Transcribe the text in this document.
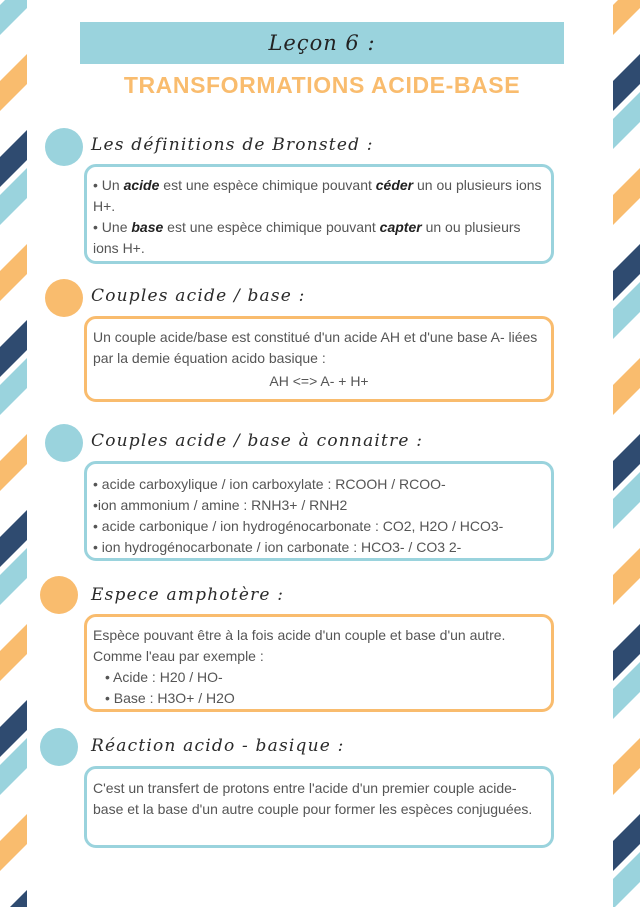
Leçon 6 :
TRANSFORMATIONS ACIDE-BASE
Les définitions de Bronsted :

• Un acide est une espèce chimique pouvant céder un ou plusieurs ions H+.

• Une base est une espèce chimique pouvant capter un ou plusieurs ions H+.

Couples acide / base :

Un couple acide/base est constitué d'un acide AH et d'une base A- liées par la demie équation acido basique :

AH <=> A- + H+

Couples acide / base à connaitre :

• acide carboxylique / ion carboxylate : RCOOH / RCOO-

•ion ammonium / amine : RNH3+ / RNH2

• acide carbonique / ion hydrogénocarbonate : CO2, H2O / HCO3-

• ion hydrogénocarbonate / ion carbonate : HCO3- / CO3 2-

Espece amphotère :

Espèce pouvant être à la fois acide d'un couple et base d'un autre.

Comme l'eau par exemple :

• Acide : H20 / HO-

• Base : H3O+ / H2O

Réaction acido - basique :

C'est un transfert de protons entre l'acide d'un premier couple acide-base et la base d'un autre couple pour former les espèces conjuguées.
